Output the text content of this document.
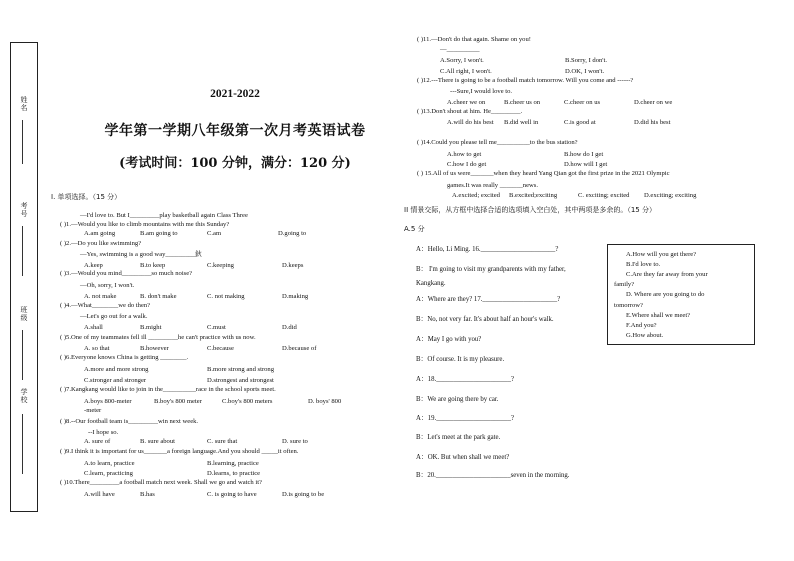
姓名
考号
班级
学校
2021-2022
学年第一学期八年级第一次月考英语试卷
(考试时间：100 分钟，满分：120 分)
I. 单项选择。（15 分）
( )1.—Would you like to climb mountains with me this Sunday?
—I'd love to. But I_________play basketball again Class Three
A.am going	B.am going to	C.am	D.going to
( )2.—Do you like swimming?
—Yes, swimming is a good way_________鈥
A.keep	B.to keep	C.keeping	D.keeps
( )3.—Would you mind_________so much noise?
—Oh, sorry, I won't.
A. not make	B. don't make	C. not making	D.making
( )4.—What________we do then?
—Let's go out for a walk.
A.shall	B.might	C.must	D.did
( )5.One of my teammates fell ill _________he can't practice with us now.
A. so that	B.however	C.because	D.because of
( )6.Everyone knows China is getting ________.
A.more and more strong	B.more strong and strong
C.stronger and stronger	D.strongest and strongest
( )7.Kangkang would like to join in the__________race in the school sports meet.
A.boys 800-meter	B.boy's 800 meter	C.boy's 800 meters	D. boys' 800
-meter
( )8.--Our football team is_________win next week.
--I hope so.
A. sure of	B. sure about	C. sure that	D. sure to
( )9.I think it is important for us_______a foreign language.And you should _____it often.
A.to learn, practice	B.learning, practice
C.learn, practicing	D.learns, to practice
( )10.There_________a football match next week. Shall we go and watch it?
A.will have	B.has	C. is going to have	D.is going to be
( )11.—Don't do that again. Shame on you!
—__________
A.Sorry, I won't.	B.Sorry, I don't.
C.All right, I won't.	D.OK, I won't.
( )12.---There is going to be a football match tomorrow. Will you come and ------?
---Sure,I would love to.
A.cheer we on	B.cheer us on	C.cheer on us	D.cheer on we
( )13.Don't shout at him. He_________.
A.will do his best B.did well in	C.is good at	D.did his best
( )14.Could you please tell me__________to the bus station?
A.how to get	B.how do I get
C.how I do get	D.how will I get
( ) 15.All of us were_______when they heard Yang Qian got the first prize in the 2021 Olympic
games.It was really _______news.
A.excited; excited B.excited;exciting	C. exciting; excited D.exciting; exciting
II 情景交际，从方框中选择合适的选项填入空白处，其中两项是多余的。（15 分）
A.5 分
A：Hello, Li Ming. 16.______________________?
B： I'm going to visit my grandparents with my father,
Kangkang.
A：Where are they? 17.______________________?
B：No, not very far. It's about half an hour's walk.
A：May I go with you?
B：Of course. It is my pleasure.
A：18.______________________?
B：We are going there by car.
A：19.______________________?
B：Let's meet at the park gate.
A：OK. But when shall we meet?
B：20.______________________seven in the morning.
A.How will you get there?
B.I'd love to.
C.Are they far away from your
family?
D. Where are you going to do
tomorrow?
E.Where shall we meet?
F.And you?
G.How about.
